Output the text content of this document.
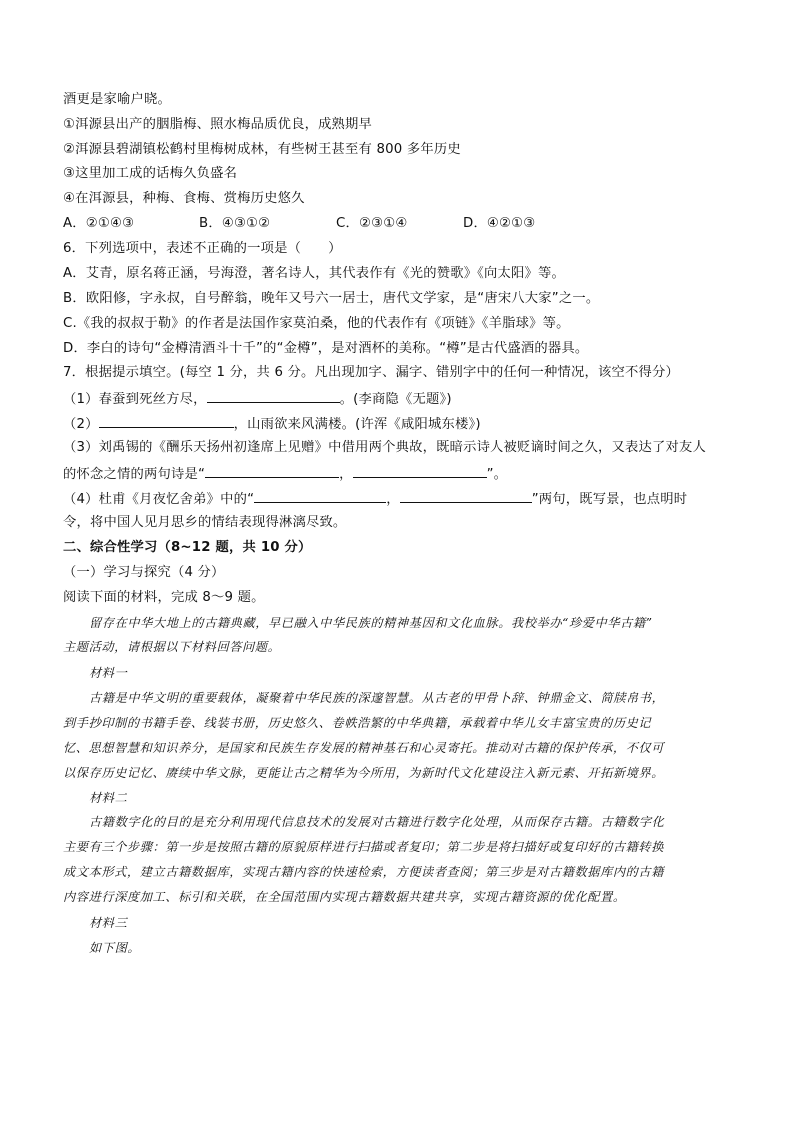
酒更是家喻户晓。
①洱源县出产的胭脂梅、照水梅品质优良，成熟期早
②洱源县碧湖镇松鹤村里梅树成林，有些树王甚至有 800 多年历史
③这里加工成的话梅久负盛名
④在洱源县，种梅、食梅、赏梅历史悠久
A．②①④③	B．④③①②	C．②③①④	D．④②①③
6．下列选项中，表述不正确的一项是（　　）
A．艾青，原名蒋正涵，号海澄，著名诗人，其代表作有《光的赞歌》《向太阳》等。
B．欧阳修，字永叔，自号醉翁，晚年又号六一居士，唐代文学家，是“唐宋八大家”之一。
C.《我的叔叔于勒》的作者是法国作家莫泊桑，他的代表作有《项链》《羊脂球》等。
D．李白的诗句“金樽清酒斗十千”的“金樽”，是对酒杯的美称。“樽”是古代盛酒的器具。
7．根据提示填空。(每空 1 分，共 6 分。凡出现加字、漏字、错别字中的任何一种情况，该空不得分）
（1）春蚕到死丝方尽，	。(李商隐《无题》)
（2）	，山雨欲来风满楼。(许浑《咸阳城东楼》)
（3）刘禹锡的《酬乐天扬州初逢席上见赠》中借用两个典故，既暗示诗人被贬谪时间之久，又表达了对友人
的怀念之情的两句诗是“	，	”。
（4）杜甫《月夜忆舍弟》中的“	，	”两句，既写景，也点明时
令，将中国人见月思乡的情结表现得淋漓尽致。
二、综合性学习（8~12 题，共 10 分）
（一）学习与探究（4 分）
阅读下面的材料，完成 8～9 题。
留存在中华大地上的古籍典藏，早已融入中华民族的精神基因和文化血脉。我校举办“珍爱中华古籍”
主题活动，请根据以下材料回答问题。
材料一
古籍是中华文明的重要载体，凝聚着中华民族的深邃智慧。从古老的甲骨卜辞、钟鼎金文、简牍帛书，
到手抄印制的书籍手卷、线装书册，历史悠久、卷帙浩繁的中华典籍，承载着中华儿女丰富宝贵的历史记
忆、思想智慧和知识养分，是国家和民族生存发展的精神基石和心灵寄托。推动对古籍的保护传承，不仅可
以保存历史记忆、赓续中华文脉，更能让古之精华为今所用，为新时代文化建设注入新元素、开拓新境界。
材料二
古籍数字化的目的是充分利用现代信息技术的发展对古籍进行数字化处理，从而保存古籍。古籍数字化
主要有三个步骤：第一步是按照古籍的原貌原样进行扫描或者复印；第二步是将扫描好或复印好的古籍转换
成文本形式，建立古籍数据库，实现古籍内容的快速检索，方便读者查阅；第三步是对古籍数据库内的古籍
内容进行深度加工、标引和关联，在全国范围内实现古籍数据共建共享，实现古籍资源的优化配置。
材料三
如下图。
